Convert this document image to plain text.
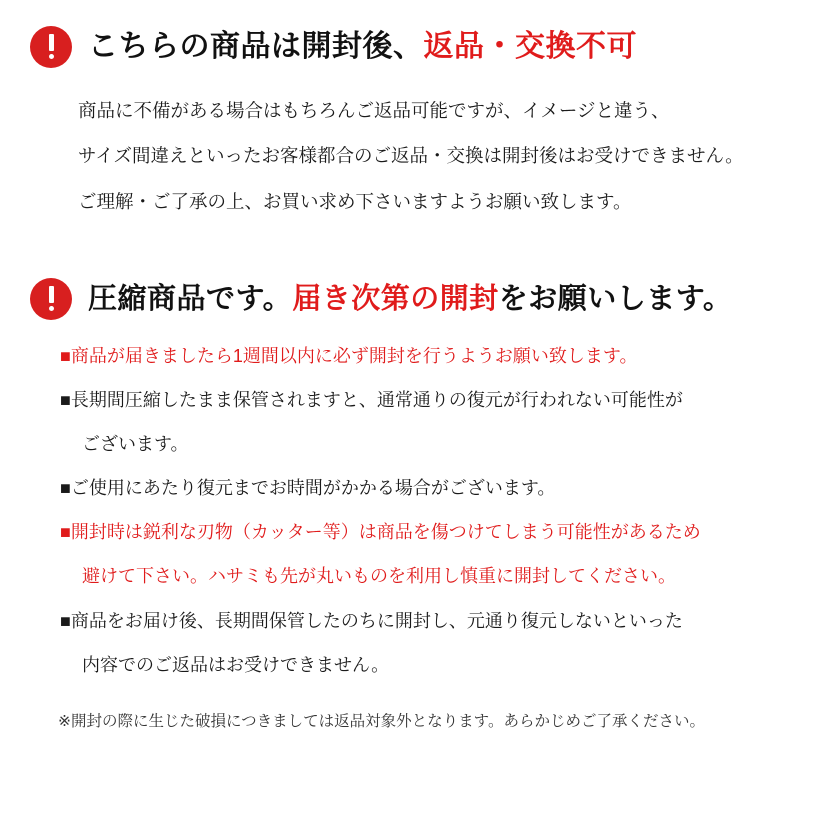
こちらの商品は開封後、返品・交換不可
商品に不備がある場合はもちろんご返品可能ですが、イメージと違う、
サイズ間違えといったお客様都合のご返品・交換は開封後はお受けできません。
ご理解・ご了承の上、お買い求め下さいますようお願い致します。
圧縮商品です。届き次第の開封をお願いします。
■商品が届きましたら1週間以内に必ず開封を行うようお願い致します。
■長期間圧縮したまま保管されますと、通常通りの復元が行われない可能性が
ございます。
■ご使用にあたり復元までお時間がかかる場合がございます。
■開封時は鋭利な刃物（カッター等）は商品を傷つけてしまう可能性があるため
避けて下さい。ハサミも先が丸いものを利用し慎重に開封してください。
■商品をお届け後、長期間保管したのちに開封し、元通り復元しないといった
内容でのご返品はお受けできません。
※開封の際に生じた破損につきましては返品対象外となります。あらかじめご了承ください。
